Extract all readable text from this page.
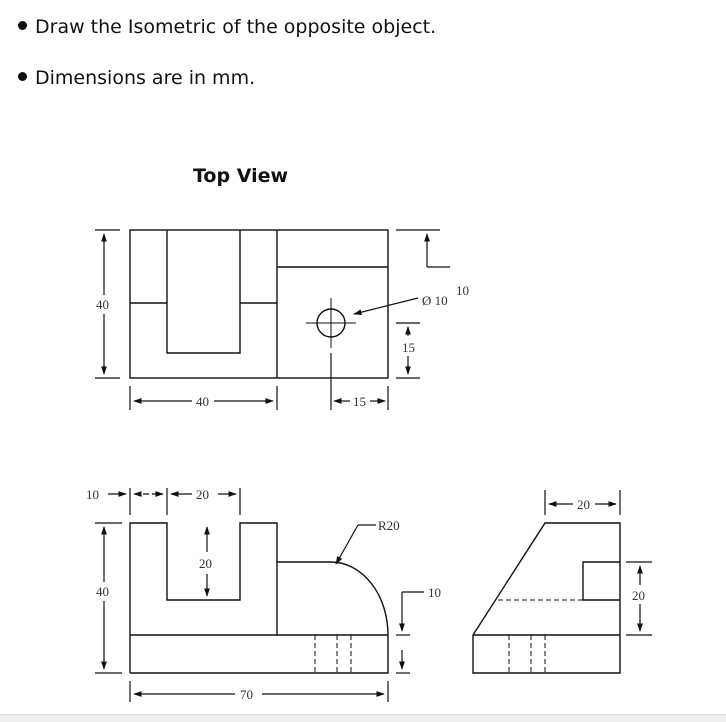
Draw the Isometric of the opposite object.
Dimensions are in mm.
Top View
40
40	15
10
Ø 10
15
10	20
20
R20
40	10
70
20
20
